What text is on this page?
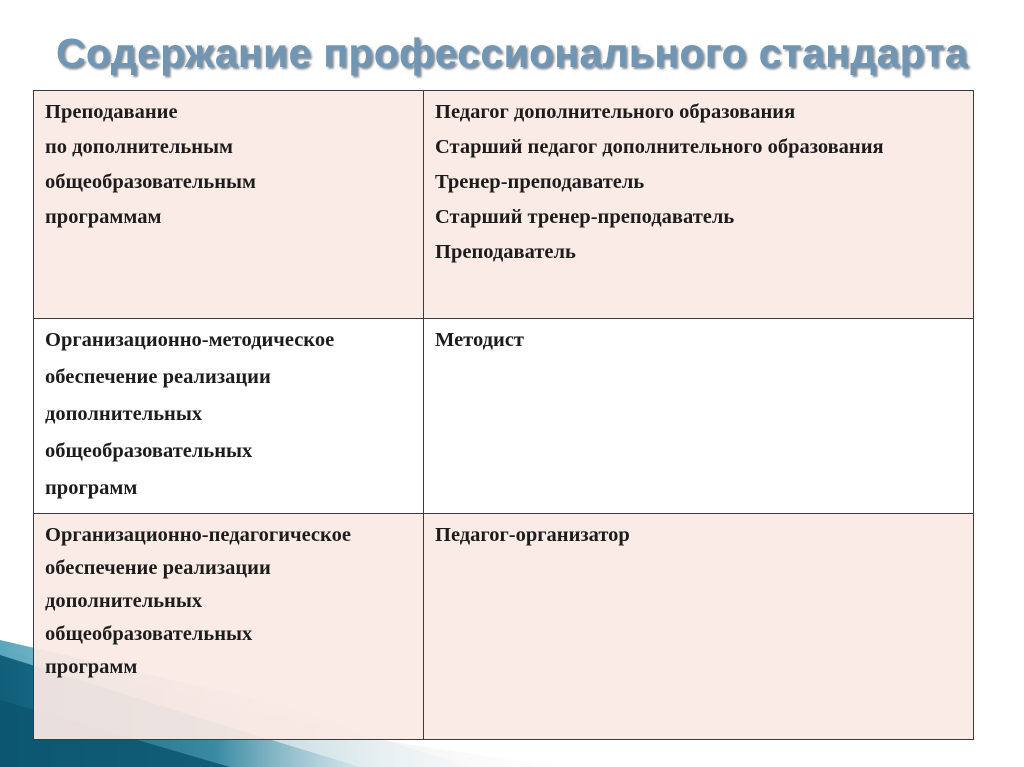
Содержание профессионального стандарта
Преподавание
по дополнительным
общеобразовательным
программам	Педагог дополнительного образования
Старший педагог дополнительного образования
Тренер-преподаватель
Старший тренер-преподаватель
Преподаватель

Организационно-методическое
обеспечение реализации
дополнительных
общеобразовательных
программ	Методист

Организационно-педагогическое
обеспечение реализации
дополнительных
общеобразовательных
программ	Педагог-организатор
